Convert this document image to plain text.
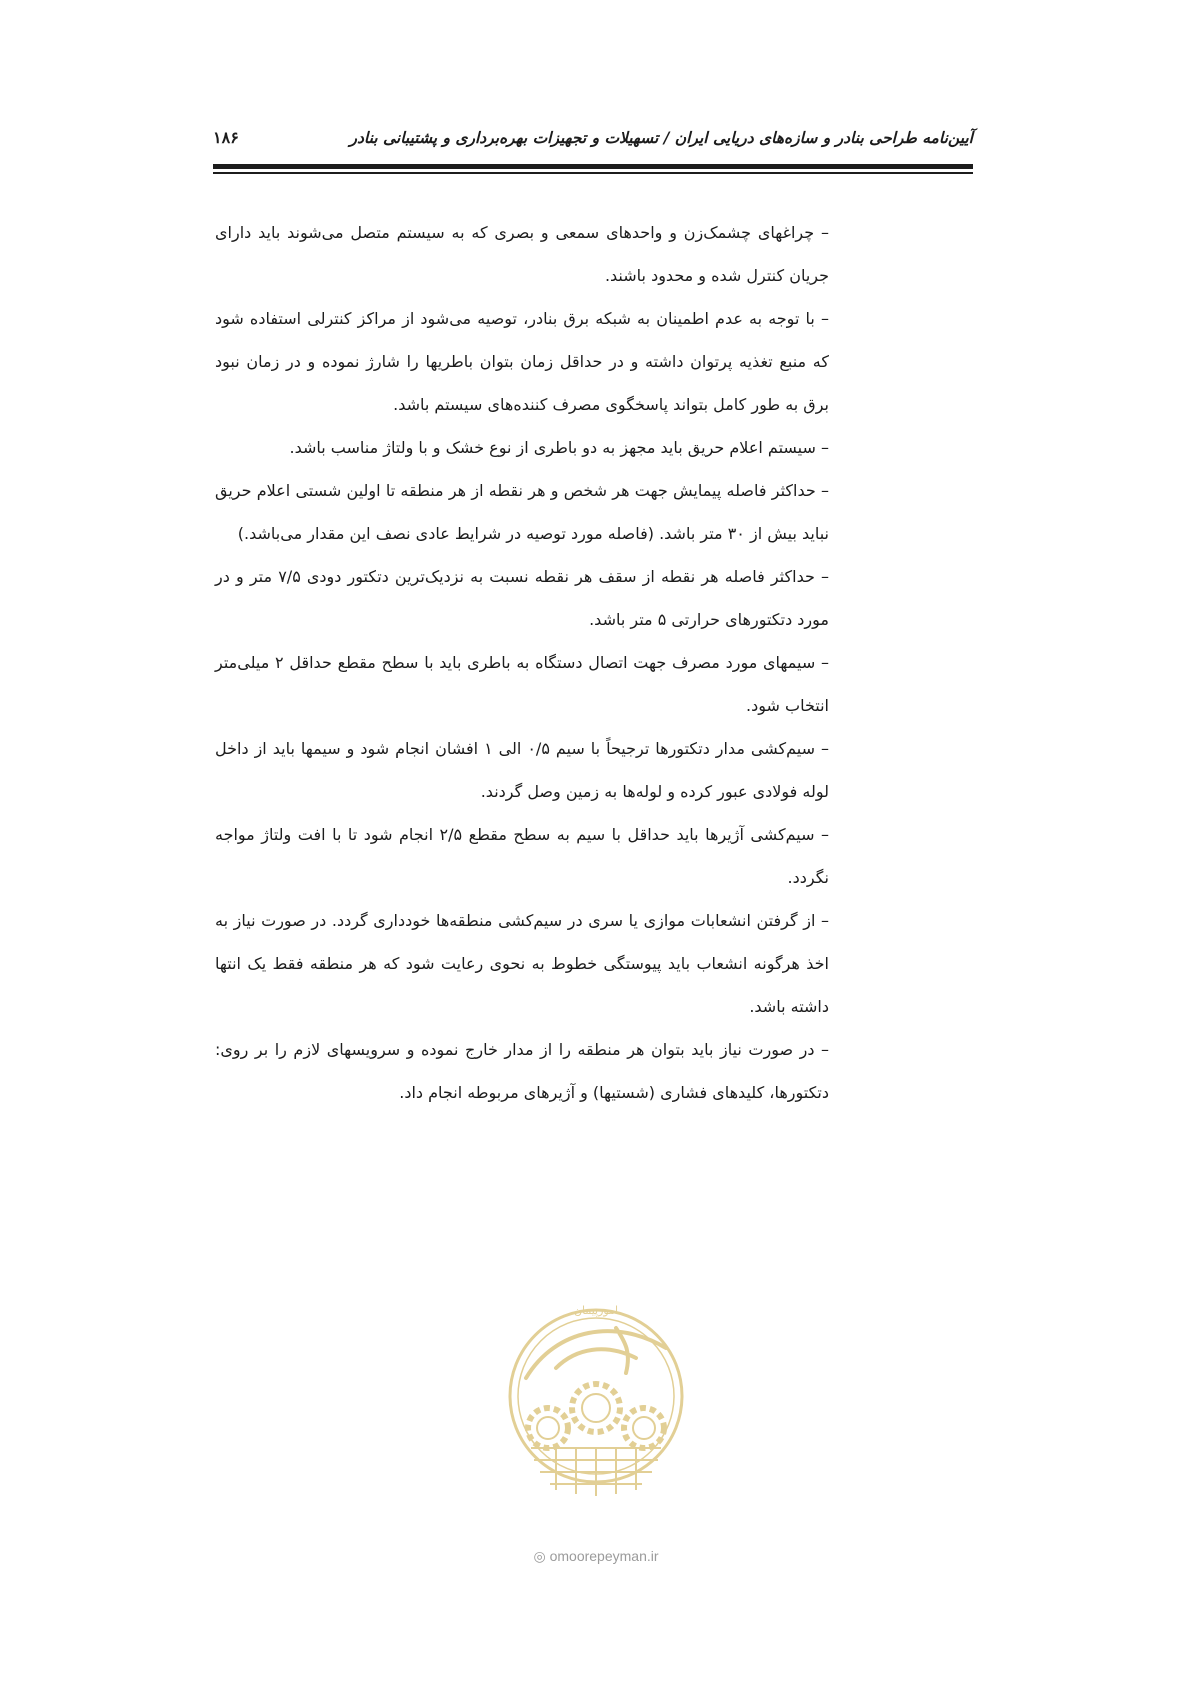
آیین‌نامه طراحی بنادر و سازه‌های دریایی ایران / تسهیلات و تجهیزات بهره‌برداری و پشتیبانی بنادر
۱۸۶

– چراغهای چشمک‌زن و واحدهای سمعی و بصری که به سیستم متصل می‌شوند باید دارای جریان کنترل شده و محدود باشند.

– با توجه به عدم اطمینان به شبکه برق بنادر، توصیه می‌شود از مراکز کنترلی استفاده شود که منبع تغذیه پرتوان داشته و در حداقل زمان بتوان باطریها را شارژ نموده و در زمان نبود برق به طور کامل بتواند پاسخگوی مصرف کننده‌های سیستم باشد.

– سیستم اعلام حریق باید مجهز به دو باطری از نوع خشک و با ولتاژ مناسب باشد.

– حداکثر فاصله پیمایش جهت هر شخص و هر نقطه از هر منطقه تا اولین شستی اعلام حریق نباید بیش از ۳۰ متر باشد. (فاصله مورد توصیه در شرایط عادی نصف این مقدار می‌باشد.)

– حداکثر فاصله هر نقطه از سقف هر نقطه نسبت به نزدیک‌ترین دتکتور دودی ۷/۵ متر و در مورد دتکتورهای حرارتی ۵ متر باشد.

– سیمهای مورد مصرف جهت اتصال دستگاه به باطری باید با سطح مقطع حداقل ۲ میلی‌متر انتخاب شود.

– سیم‌کشی مدار دتکتورها ترجیحاً با سیم ۰/۵ الی ۱ افشان انجام شود و سیمها باید از داخل لوله فولادی عبور کرده و لوله‌ها به زمین وصل گردند.

– سیم‌کشی آژیرها باید حداقل با سیم به سطح مقطع ۲/۵ انجام شود تا با افت ولتاژ مواجه نگردد.

– از گرفتن انشعابات موازی یا سری در سیم‌کشی منطقه‌ها خودداری گردد. در صورت نیاز به اخذ هرگونه انشعاب باید پیوستگی خطوط به نحوی رعایت شود که هر منطقه فقط یک انتها داشته باشد.

– در صورت نیاز باید بتوان هر منطقه را از مدار خارج نموده و سرویسهای لازم را بر روی: دتکتورها، کلیدهای فشاری (شستیها) و آژیرهای مربوطه انجام داد.

امورپیمان
◎ omoorepeyman.ir
